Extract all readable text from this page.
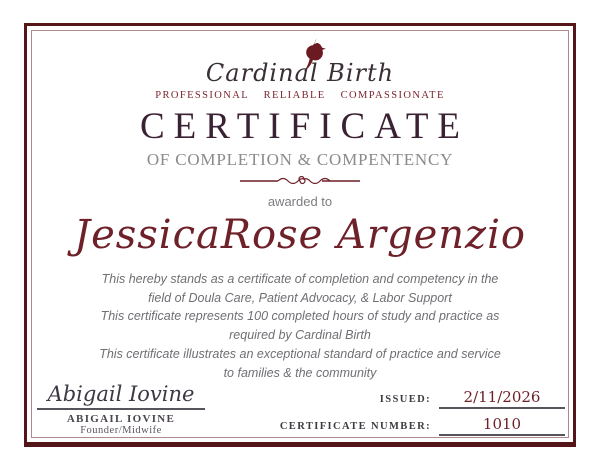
Cardinal Birth
PROFESSIONAL RELIABLE COMPASSIONATE
CERTIFICATE
OF COMPLETION & COMPENTENCY
awarded to
JessicaRose Argenzio
This hereby stands as a certificate of completion and competency in the
field of Doula Care, Patient Advocacy, & Labor Support
This certificate represents 100 completed hours of study and practice as
required by Cardinal Birth
This certificate illustrates an exceptional standard of practice and service
to families & the community
Abigail Iovine
ABIGAIL IOVINE
Founder/Midwife
ISSUED:	2/11/2026
CERTIFICATE NUMBER:	1010
